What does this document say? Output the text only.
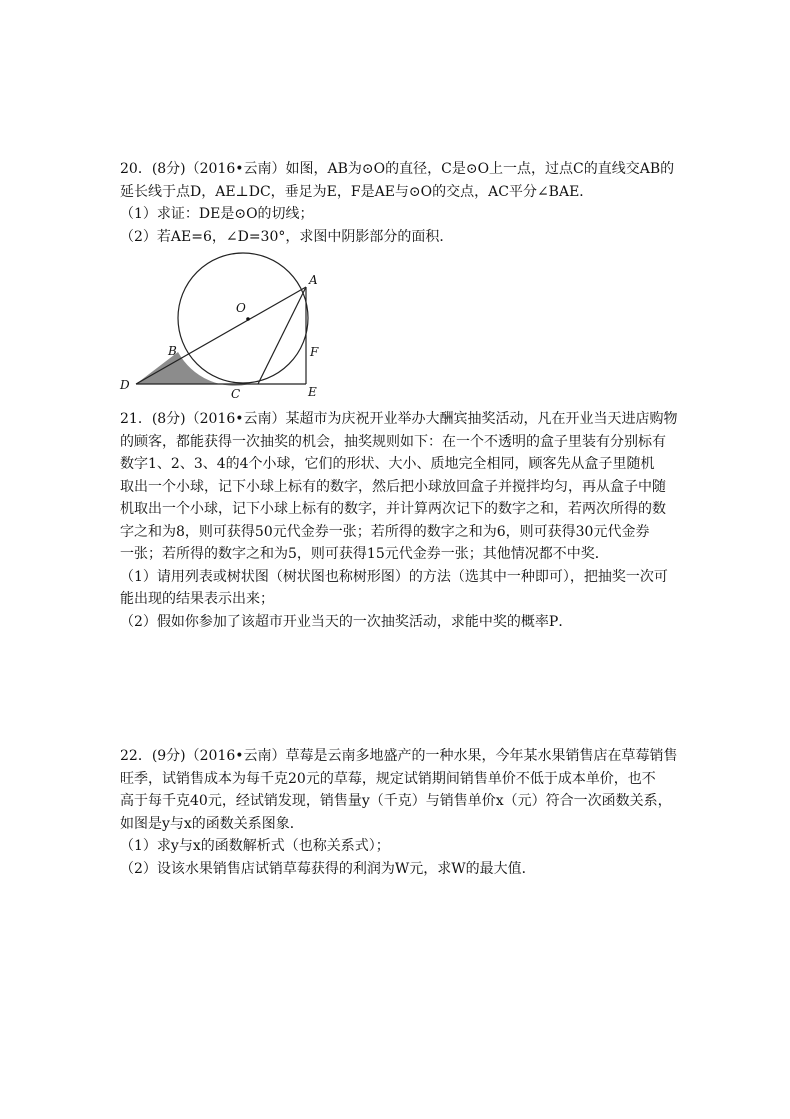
20．(8分)（2016•云南）如图，AB为⊙O的直径，C是⊙O上一点，过点C的直线交AB的

延长线于点D，AE⊥DC，垂足为E，F是AE与⊙O的交点，AC平分∠BAE．

（1）求证：DE是⊙O的切线；

（2）若AE=6，∠D=30°，求图中阴影部分的面积．

A
O
B	F
D
C	E

21．(8分)（2016•云南）某超市为庆祝开业举办大酬宾抽奖活动，凡在开业当天进店购物

的顾客，都能获得一次抽奖的机会，抽奖规则如下：在一个不透明的盒子里装有分别标有

数字1、2、3、4的4个小球，它们的形状、大小、质地完全相同，顾客先从盒子里随机

取出一个小球，记下小球上标有的数字，然后把小球放回盒子并搅拌均匀，再从盒子中随

机取出一个小球，记下小球上标有的数字，并计算两次记下的数字之和，若两次所得的数

字之和为8，则可获得50元代金券一张；若所得的数字之和为6，则可获得30元代金券

一张；若所得的数字之和为5，则可获得15元代金券一张；其他情况都不中奖．

（1）请用列表或树状图（树状图也称树形图）的方法（选其中一种即可），把抽奖一次可

能出现的结果表示出来；

（2）假如你参加了该超市开业当天的一次抽奖活动，求能中奖的概率P．

22．(9分)（2016•云南）草莓是云南多地盛产的一种水果，今年某水果销售店在草莓销售

旺季，试销售成本为每千克20元的草莓，规定试销期间销售单价不低于成本单价，也不

高于每千克40元，经试销发现，销售量y（千克）与销售单价x（元）符合一次函数关系，

如图是y与x的函数关系图象．

（1）求y与x的函数解析式（也称关系式）；

（2）设该水果销售店试销草莓获得的利润为W元，求W的最大值．
